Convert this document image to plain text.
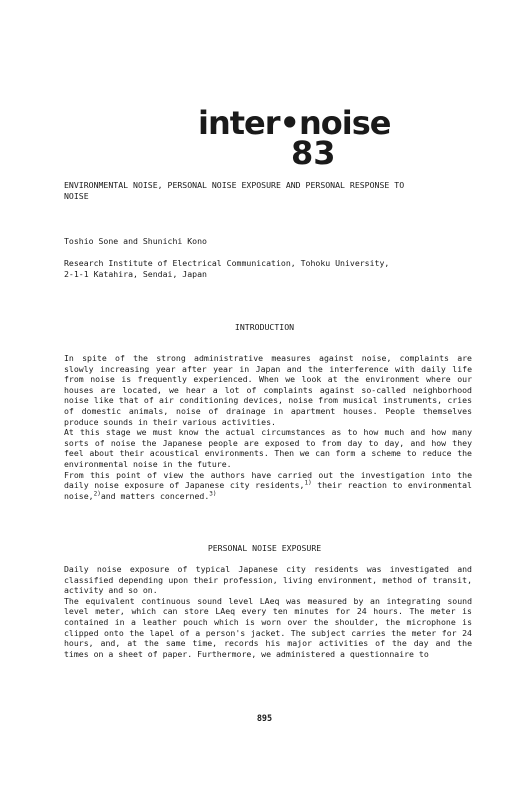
inter•noise
83
ENVIRONMENTAL NOISE, PERSONAL NOISE EXPOSURE AND PERSONAL RESPONSE TO
NOISE
Toshio Sone and Shunichi Kono
Research Institute of Electrical Communication, Tohoku University,
2-1-1 Katahira, Sendai, Japan
INTRODUCTION

In spite of the strong administrative measures against noise, complaints are slowly increasing year after year in Japan and the interference with daily life from noise is frequently experienced. When we look at the environment where our houses are located, we hear a lot of complaints against so-called neighborhood noise like that of air conditioning devices, noise from musical instruments, cries of domestic animals, noise of drainage in apartment houses. People themselves produce sounds in their various activities.

At this stage we must know the actual circumstances as to how much and how many sorts of noise the Japanese people are exposed to from day to day, and how they feel about their acoustical environments. Then we can form a scheme to reduce the environmental noise in the future.

From this point of view the authors have carried out the investigation into the daily noise exposure of Japanese city residents,$^{1)}$ their reaction to environmental noise,$^{2)}$and matters concerned.$^{3)}$

PERSONAL NOISE EXPOSURE

Daily noise exposure of typical Japanese city residents was investigated and classified depending upon their profession, living environment, method of transit, activity and so on.

The equivalent continuous sound level LAeq was measured by an integrating sound level meter, which can store LAeq every ten minutes for 24 hours. The meter is contained in a leather pouch which is worn over the shoulder, the microphone is clipped onto the lapel of a person's jacket. The subject carries the meter for 24 hours, and, at the same time, records his major activities of the day and the times on a sheet of paper. Furthermore, we administered a questionnaire to

895
